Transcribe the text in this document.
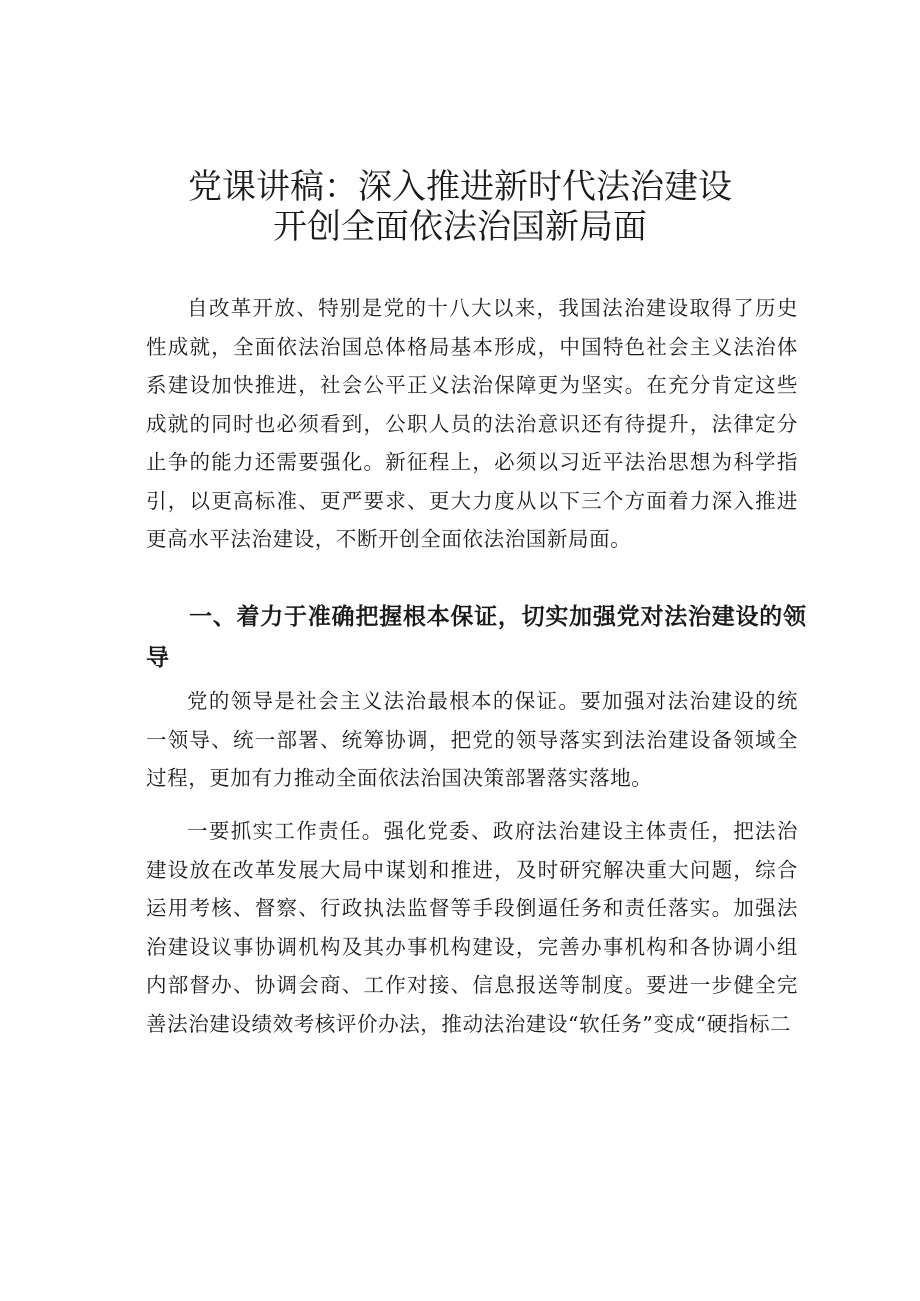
党课讲稿：深入推进新时代法治建设
开创全面依法治国新局面

自改革开放、特别是党的十八大以来，我国法治建设取得了历史性成就，全面依法治国总体格局基本形成，中国特色社会主义法治体系建设加快推进，社会公平正义法治保障更为坚实。在充分肯定这些成就的同时也必须看到，公职人员的法治意识还有待提升，法律定分止争的能力还需要强化。新征程上，必须以习近平法治思想为科学指引，以更高标准、更严要求、更大力度从以下三个方面着力深入推进更高水平法治建设，不断开创全面依法治国新局面。

一、着力于准确把握根本保证，切实加强党对法治建设的领导

党的领导是社会主义法治最根本的保证。要加强对法治建设的统一领导、统一部署、统筹协调，把党的领导落实到法治建设备领域全过程，更加有力推动全面依法治国决策部署落实落地。

一要抓实工作责任。强化党委、政府法治建设主体责任，把法治建设放在改革发展大局中谋划和推进，及时研究解决重大问题，综合运用考核、督察、行政执法监督等手段倒逼任务和责任落实。加强法治建设议事协调机构及其办事机构建设，完善办事机构和各协调小组内部督办、协调会商、工作对接、信息报送等制度。要进一步健全完善法治建设绩效考核评价办法，推动法治建设“软任务”变成“硬指标二
